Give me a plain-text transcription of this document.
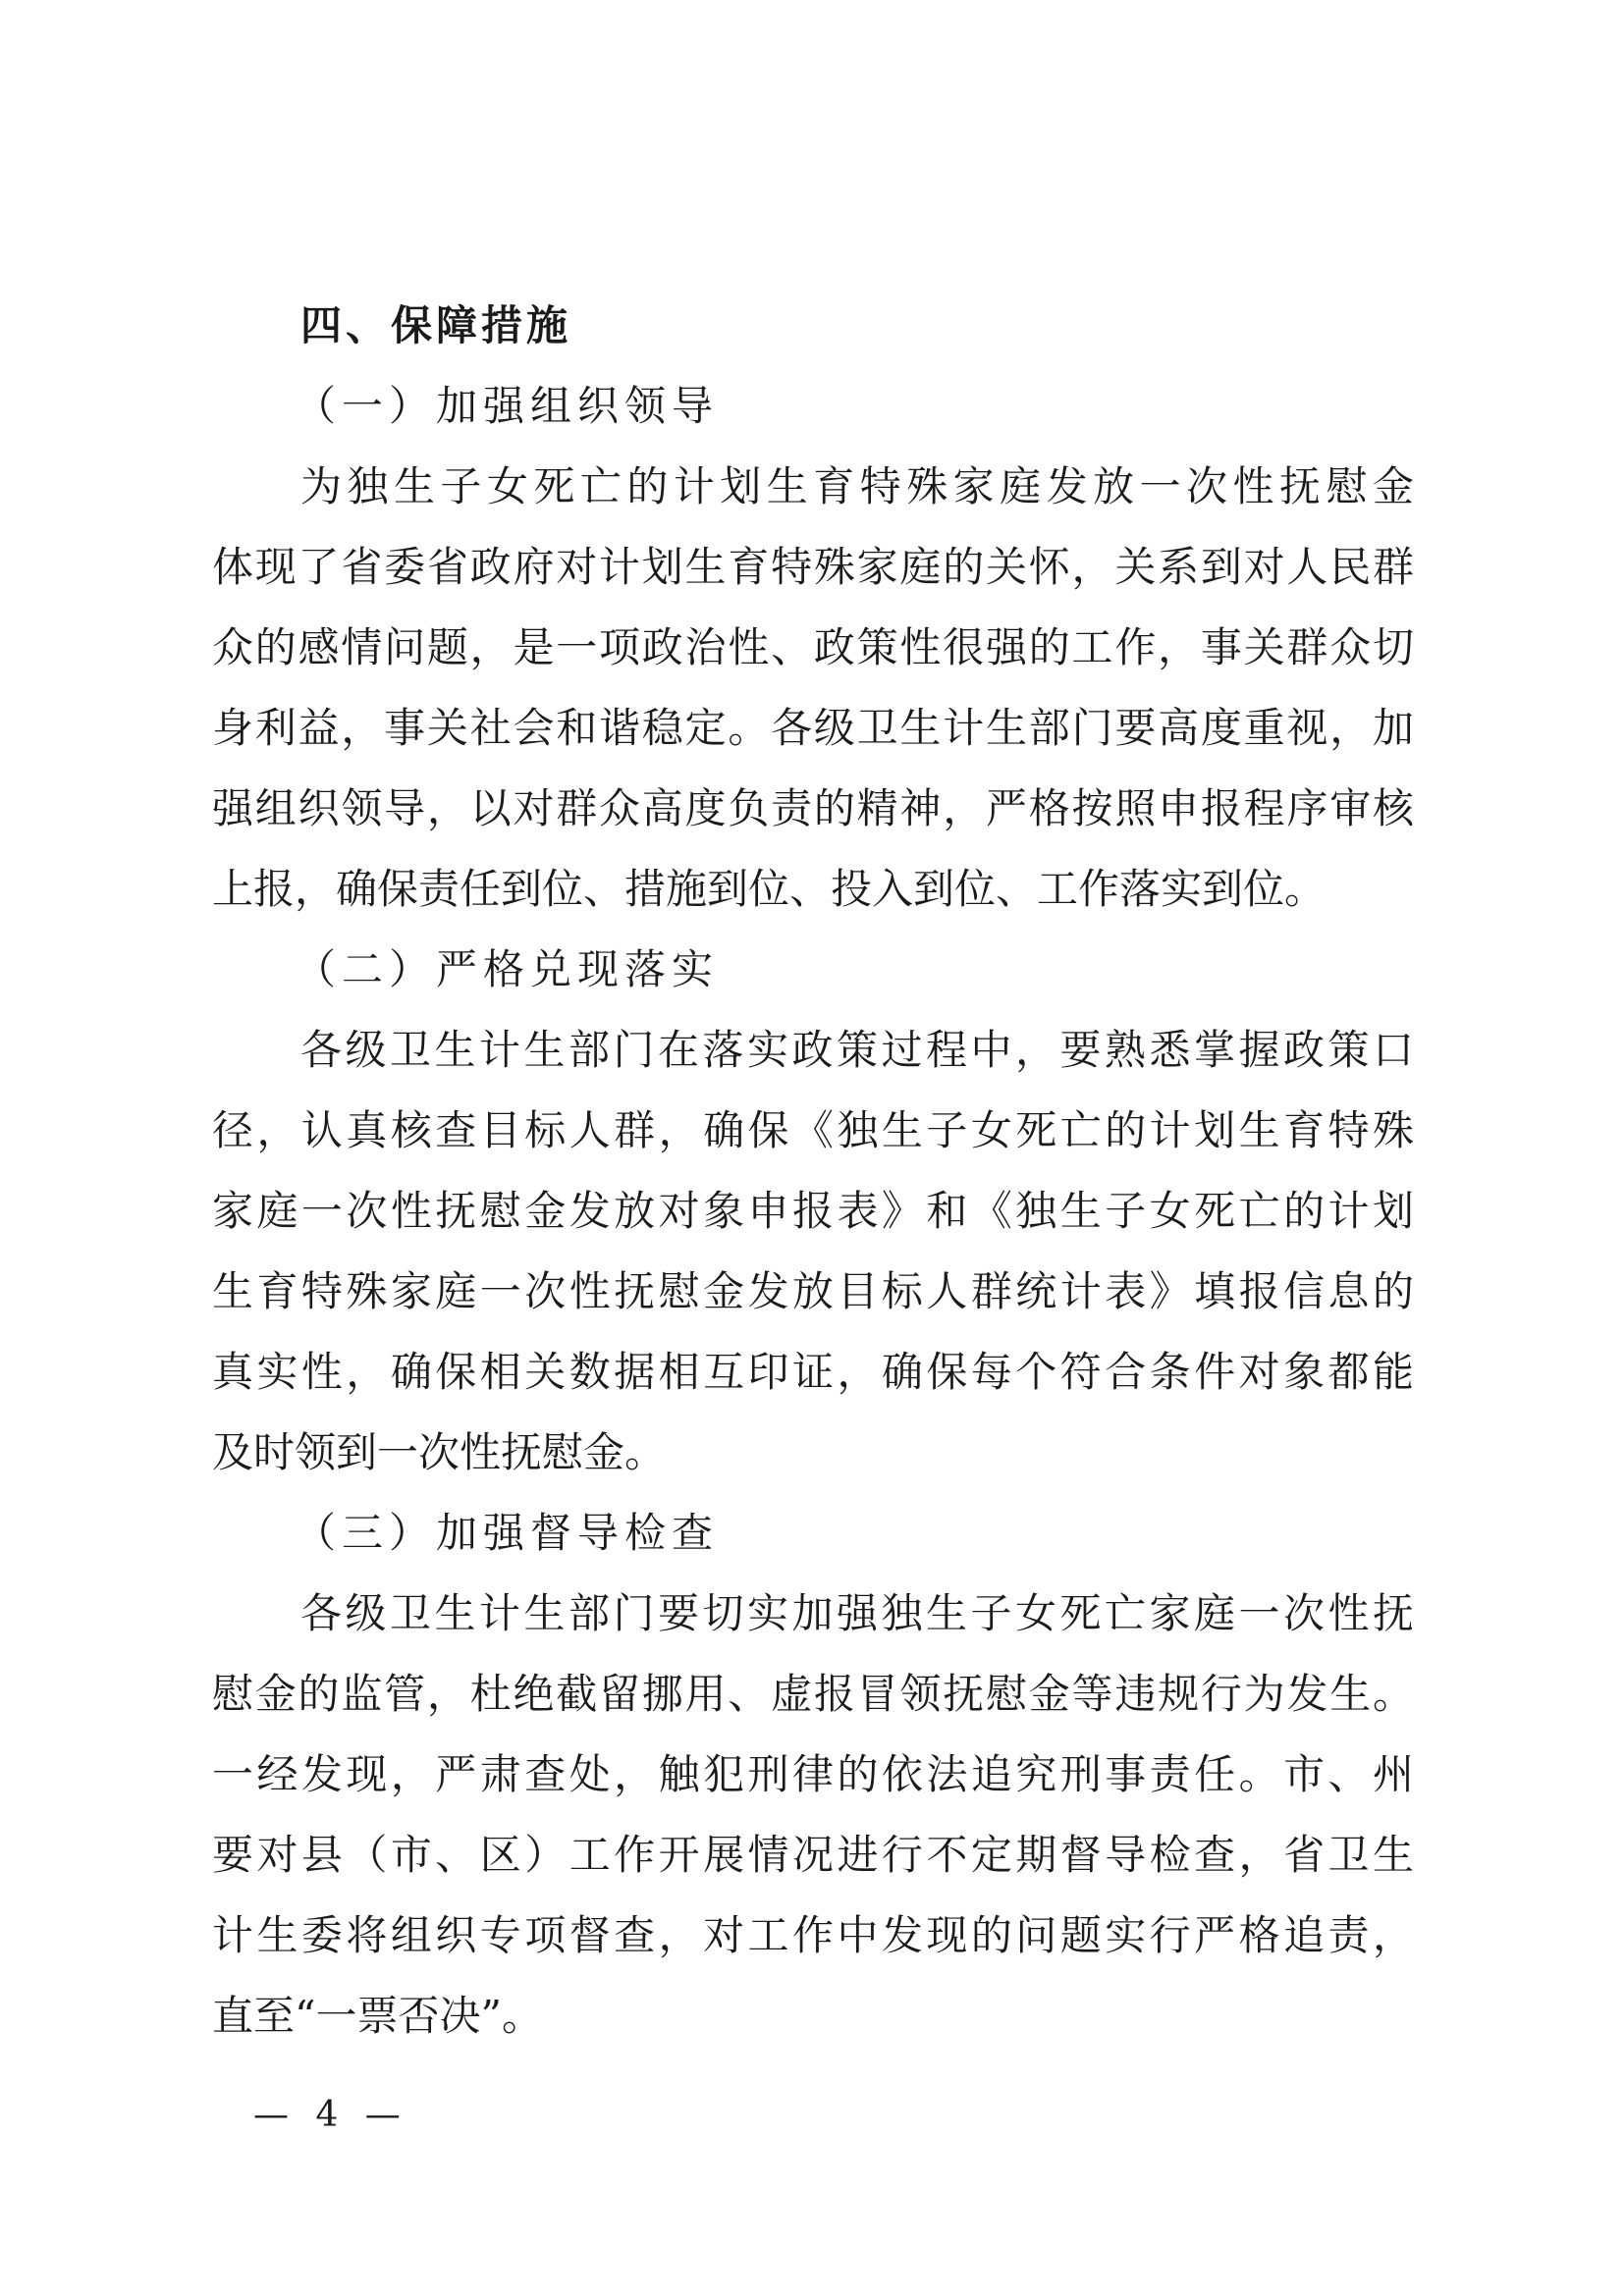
四、保障措施
（一）加强组织领导
为独生子女死亡的计划生育特殊家庭发放一次性抚慰金
体现了省委省政府对计划生育特殊家庭的关怀，关系到对人民群
众的感情问题，是一项政治性、政策性很强的工作，事关群众切
身利益，事关社会和谐稳定。各级卫生计生部门要高度重视，加
强组织领导，以对群众高度负责的精神，严格按照申报程序审核
上报，确保责任到位、措施到位、投入到位、工作落实到位。
（二）严格兑现落实
各级卫生计生部门在落实政策过程中，要熟悉掌握政策口
径，认真核查目标人群，确保《独生子女死亡的计划生育特殊
家庭一次性抚慰金发放对象申报表》和《独生子女死亡的计划
生育特殊家庭一次性抚慰金发放目标人群统计表》填报信息的
真实性，确保相关数据相互印证，确保每个符合条件对象都能
及时领到一次性抚慰金。
（三）加强督导检查
各级卫生计生部门要切实加强独生子女死亡家庭一次性抚
慰金的监管，杜绝截留挪用、虚报冒领抚慰金等违规行为发生。
一经发现，严肃查处，触犯刑律的依法追究刑事责任。市、州
要对县（市、区）工作开展情况进行不定期督导检查，省卫生
计生委将组织专项督查，对工作中发现的问题实行严格追责，
直至“一票否决”。
— 4 —
